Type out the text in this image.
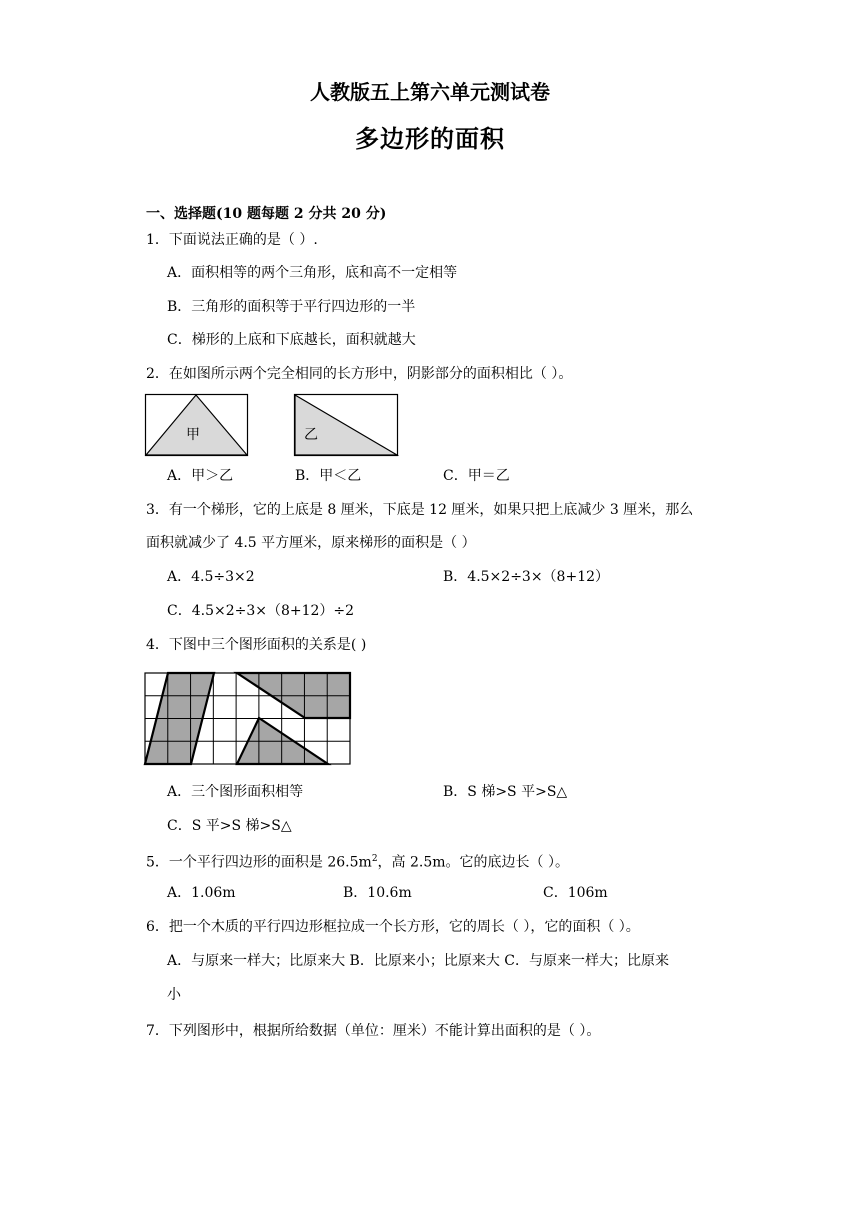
人教版五上第六单元测试卷
多边形的面积
一、选择题(10 题每题 2 分共 20 分)
1．下面说法正确的是（ ）.
A．面积相等的两个三角形，底和高不一定相等
B．三角形的面积等于平行四边形的一半
C．梯形的上底和下底越长，面积就越大
2．在如图所示两个完全相同的长方形中，阴影部分的面积相比（ ）。
甲	乙
A．甲＞乙	B．甲＜乙	C．甲＝乙
3．有一个梯形，它的上底是 8 厘米，下底是 12 厘米，如果只把上底减少 3 厘米，那么
面积就减少了 4.5 平方厘米，原来梯形的面积是（ ）
A．4.5÷3×2	B．4.5×2÷3×（8+12）
C．4.5×2÷3×（8+12）÷2
4．下图中三个图形面积的关系是( )
A．三个图形面积相等	B．S 梯>S 平>S△
C．S 平>S 梯>S△
5．一个平行四边形的面积是 $26.5m^2$，高 2.5m。它的底边长（ ）。
A．1.06m	B．10.6m	C．106m
6．把一个木质的平行四边形框拉成一个长方形，它的周长（ ），它的面积（ ）。
A．与原来一样大；比原来大 B．比原来小；比原来大 C．与原来一样大；比原来
小
7．下列图形中，根据所给数据（单位：厘米）不能计算出面积的是（ ）。
